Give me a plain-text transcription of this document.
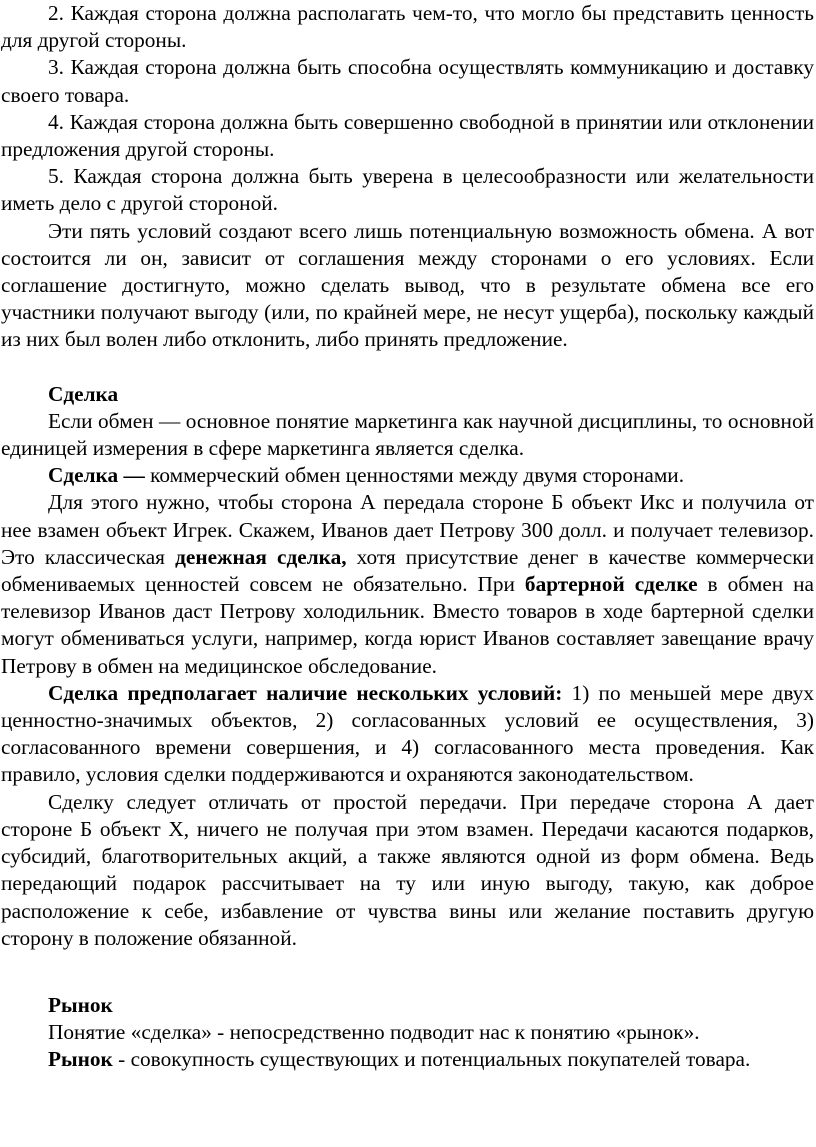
2. Каждая сторона должна располагать чем-то, что могло бы представить ценность для другой стороны.

3. Каждая сторона должна быть способна осуществлять коммуникацию и доставку своего товара.

4. Каждая сторона должна быть совершенно свободной в принятии или отклонении предложения другой стороны.

5. Каждая сторона должна быть уверена в целесообразности или желательности иметь дело с другой стороной.

Эти пять условий создают всего лишь потенциальную возможность обмена. А вот состоится ли он, зависит от соглашения между сторонами о его условиях. Если соглашение достигнуто, можно сделать вывод, что в результате обмена все его участники получают выгоду (или, по крайней мере, не несут ущерба), поскольку каждый из них был волен либо отклонить, либо принять предложение.

Сделка

Если обмен ― основное понятие маркетинга как научной дисциплины, то основной единицей измерения в сфере маркетинга является сделка.

Сделка ― коммерческий обмен ценностями между двумя сторонами.

Для этого нужно, чтобы сторона А передала стороне Б объект Икс и получила от нее взамен объект Игрек. Скажем, Иванов дает Петрову 300 долл. и получает телевизор. Это классическая денежная сделка, хотя присутствие денег в качестве коммерчески обмениваемых ценностей совсем не обязательно. При бартерной сделке в обмен на телевизор Иванов даст Петрову холодильник. Вместо товаров в ходе бартерной сделки могут обмениваться услуги, например, когда юрист Иванов составляет завещание врачу Петрову в обмен на медицинское обследование.

Сделка предполагает наличие нескольких условий: 1) по меньшей мере двух ценностно-значимых объектов, 2) согласованных условий ее осуществления, 3) согласованного времени совершения, и 4) согласованного места проведения. Как правило, условия сделки поддерживаются и охраняются законодательством.

Сделку следует отличать от простой передачи. При передаче сторона А дает стороне Б объект Х, ничего не получая при этом взамен. Передачи касаются подарков, субсидий, благотворительных акций, а также являются одной из форм обмена. Ведь передающий подарок рассчитывает на ту или иную выгоду, такую, как доброе расположение к себе, избавление от чувства вины или желание поставить другую сторону в положение обязанной.

Рынок

Понятие «сделка» - непосредственно подводит нас к понятию «рынок».

Рынок - совокупность существующих и потенциальных покупателей товара.
